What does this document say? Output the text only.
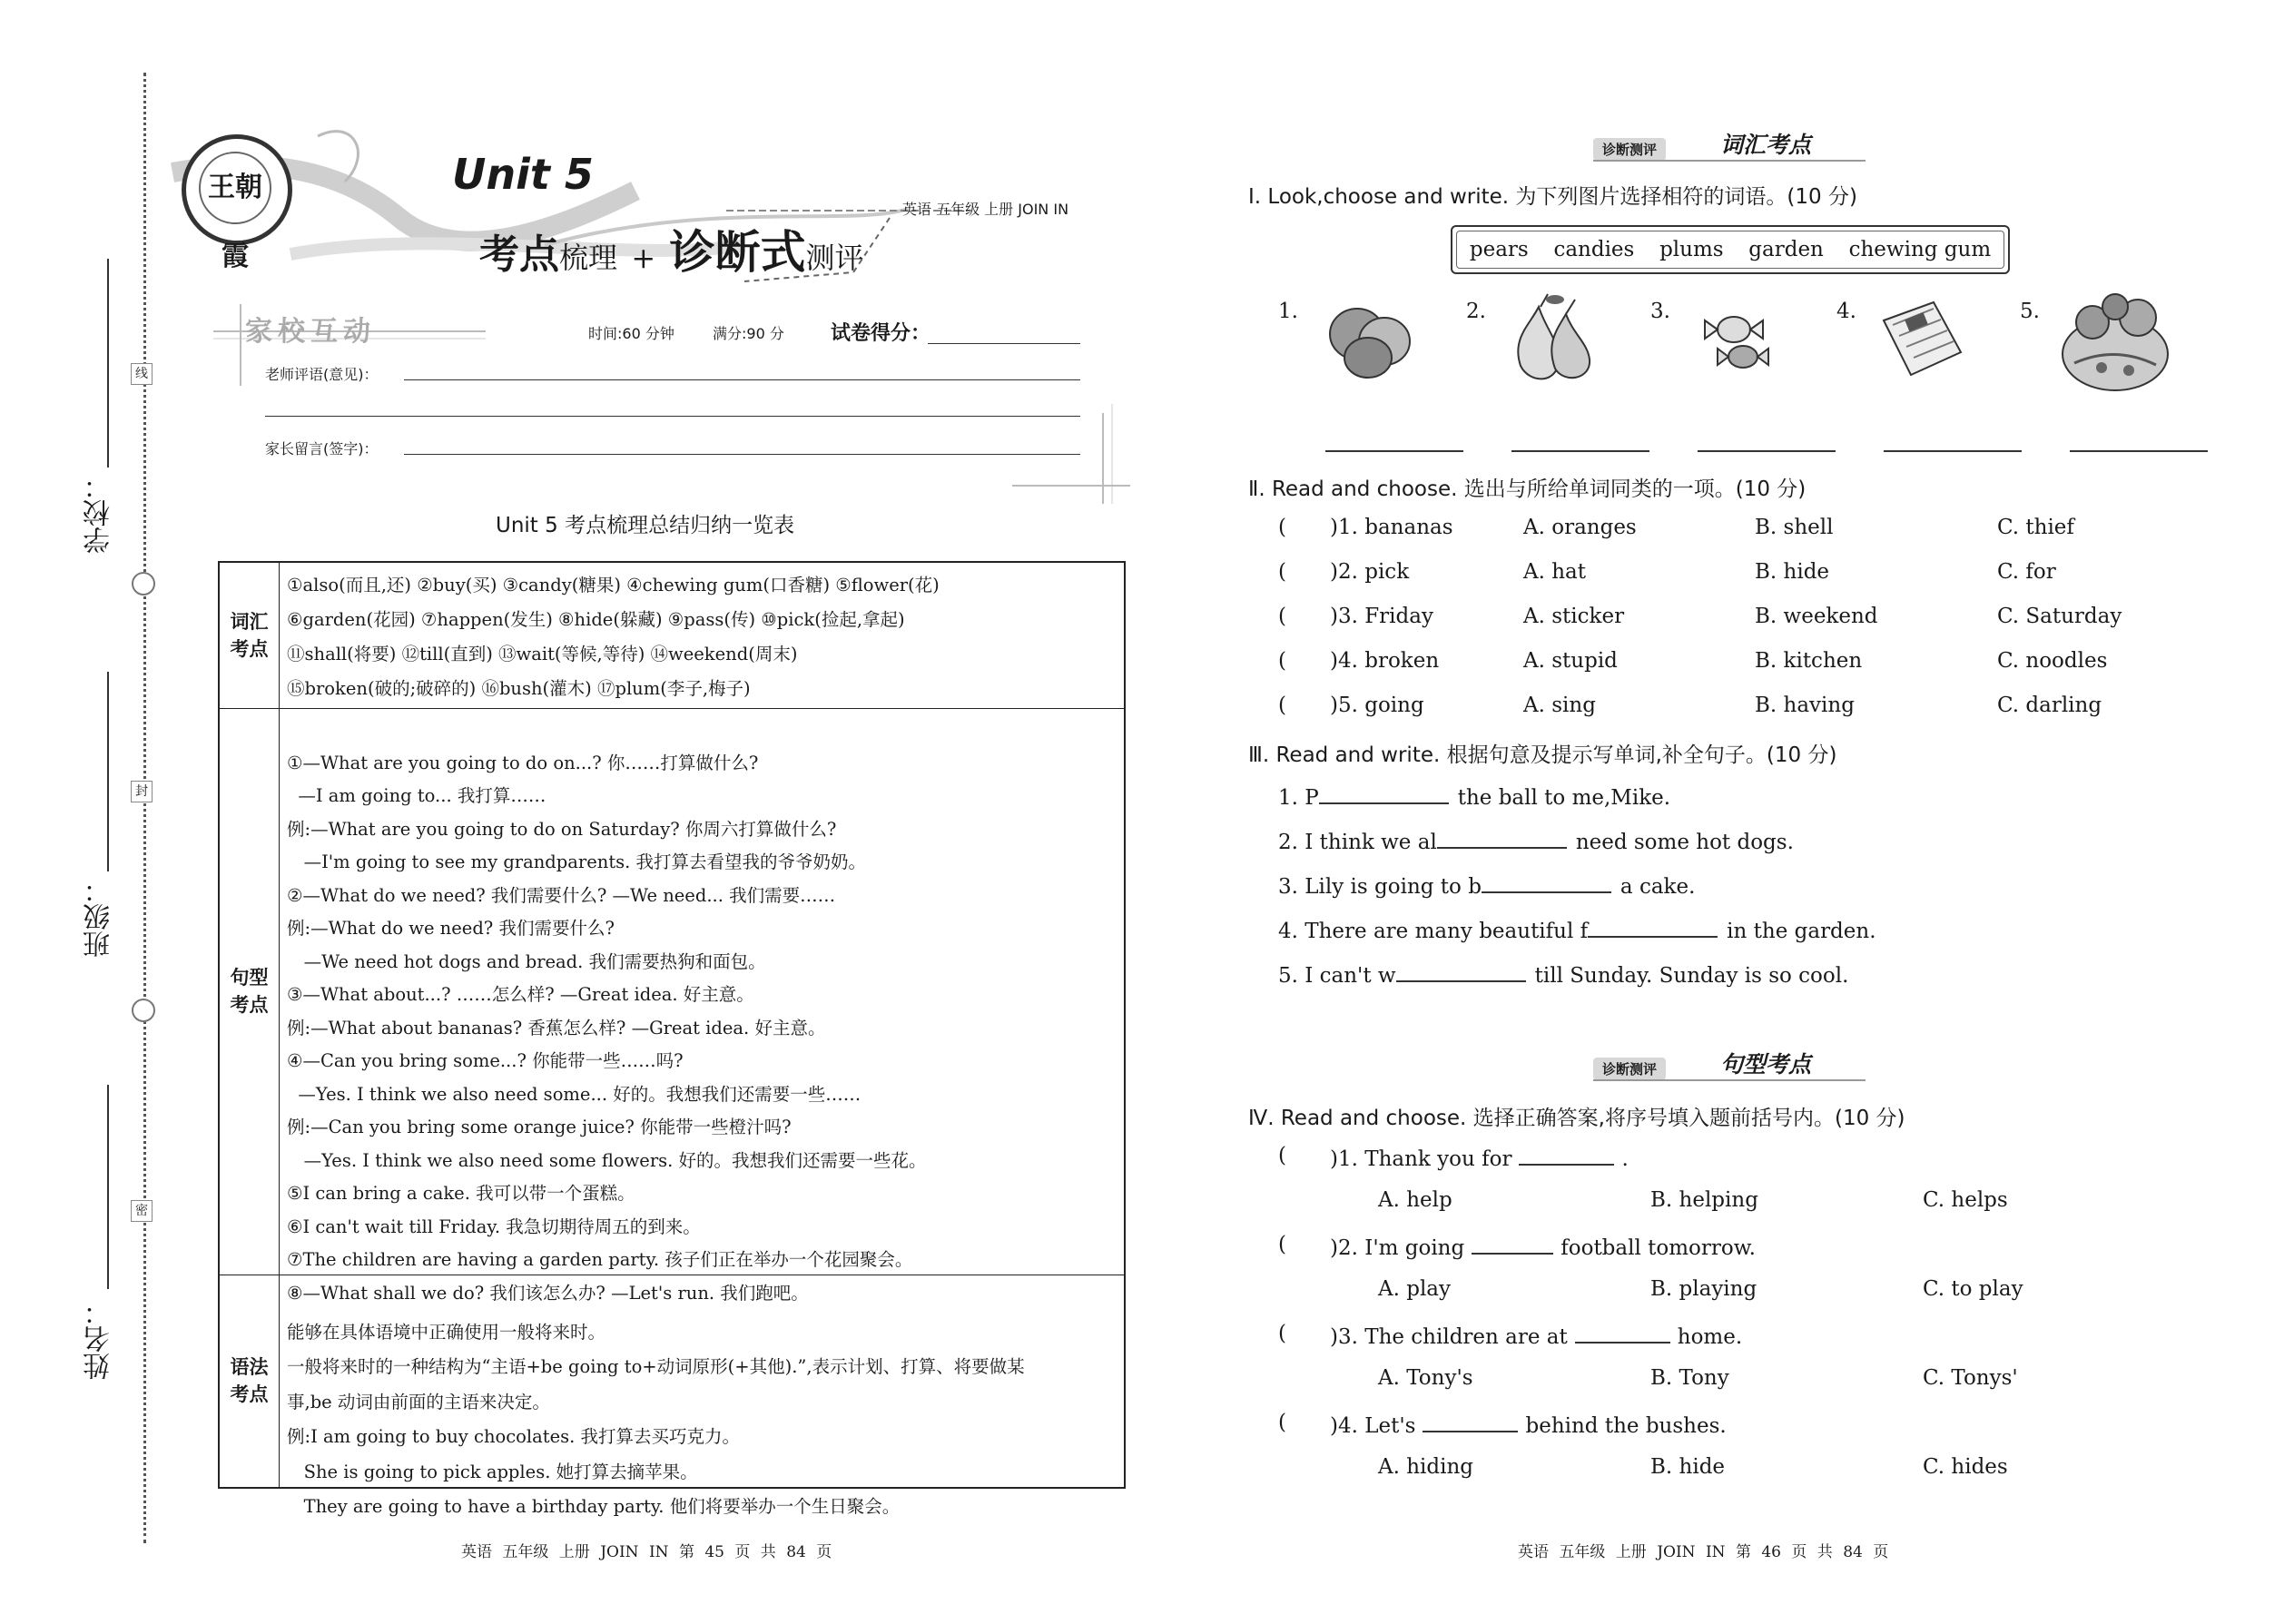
线
封
密
学校：
班级：
姓名：
王朝霞
Unit 5
考点梳理 + 诊断式测评
英语 五年级 上册 JOIN IN
家校互动	时间:60 分钟	满分:90 分 试卷得分：
老师评语(意见)：
家长留言(签字)：
Unit 5 考点梳理总结归纳一览表
词汇
考点
①also(而且,还) ②buy(买) ③candy(糖果) ④chewing gum(口香糖) ⑤flower(花)
⑥garden(花园) ⑦happen(发生) ⑧hide(躲藏) ⑨pass(传) ⑩pick(捡起,拿起)
⑪shall(将要) ⑫till(直到) ⑬wait(等候,等待) ⑭weekend(周末)
⑮broken(破的;破碎的) ⑯bush(灌木) ⑰plum(李子,梅子)
句型
考点

①—What are you going to do on...? 你……打算做什么?
—I am going to... 我打算……
例:—What are you going to do on Saturday? 你周六打算做什么?
—I'm going to see my grandparents. 我打算去看望我的爷爷奶奶。
②—What do we need? 我们需要什么? —We need... 我们需要……
例:—What do we need? 我们需要什么?
—We need hot dogs and bread. 我们需要热狗和面包。
③—What about...? ……怎么样? —Great idea. 好主意。
例:—What about bananas? 香蕉怎么样? —Great idea. 好主意。
④—Can you bring some...? 你能带一些……吗?
—Yes. I think we also need some... 好的。我想我们还需要一些……
例:—Can you bring some orange juice? 你能带一些橙汁吗?
—Yes. I think we also need some flowers. 好的。我想我们还需要一些花。
⑤I can bring a cake. 我可以带一个蛋糕。
⑥I can't wait till Friday. 我急切期待周五的到来。
⑦The children are having a garden party. 孩子们正在举办一个花园聚会。
⑧—What shall we do? 我们该怎么办? —Let's run. 我们跑吧。

语法
考点

能够在具体语境中正确使用一般将来时。
一般将来时的一种结构为“主语+be going to+动词原形(+其他).”,表示计划、打算、将要做某
事,be 动词由前面的主语来决定。
例:I am going to buy chocolates. 我打算去买巧克力。
She is going to pick apples. 她打算去摘苹果。
They are going to have a birthday party. 他们将要举办一个生日聚会。

英语 五年级 上册 JOIN IN 第 45 页 共 84 页
诊断测评	词汇考点
Ⅰ. Look,choose and write. 为下列图片选择相符的词语。(10 分)
pears candies plums garden chewing gum
1.	2.	3.	4.	5.
Ⅱ. Read and choose. 选出与所给单词同类的一项。(10 分)
( )1. bananas	A. oranges	B. shell	C. thief
( )2. pick	A. hat	B. hide	C. for
( )3. Friday	A. sticker	B. weekend	C. Saturday
( )4. broken	A. stupid	B. kitchen	C. noodles
( )5. going	A. sing	B. having	C. darling
Ⅲ. Read and write. 根据句意及提示写单词,补全句子。(10 分)
1. P	the ball to me,Mike.
2. I think we al	need some hot dogs.
3. Lily is going to b	a cake.
4. There are many beautiful f	in the garden.
5. I can't w	till Sunday. Sunday is so cool.
诊断测评	句型考点
Ⅳ. Read and choose. 选择正确答案,将序号填入题前括号内。(10 分)
( )1. Thank you for	.
A. help	B. helping	C. helps
( )2. I'm going	football tomorrow.
A. play	B. playing	C. to play
( )3. The children are at	home.
A. Tony's	B. Tony	C. Tonys'
( )4. Let's	behind the bushes.
A. hiding	B. hide	C. hides
英语 五年级 上册 JOIN IN 第 46 页 共 84 页
